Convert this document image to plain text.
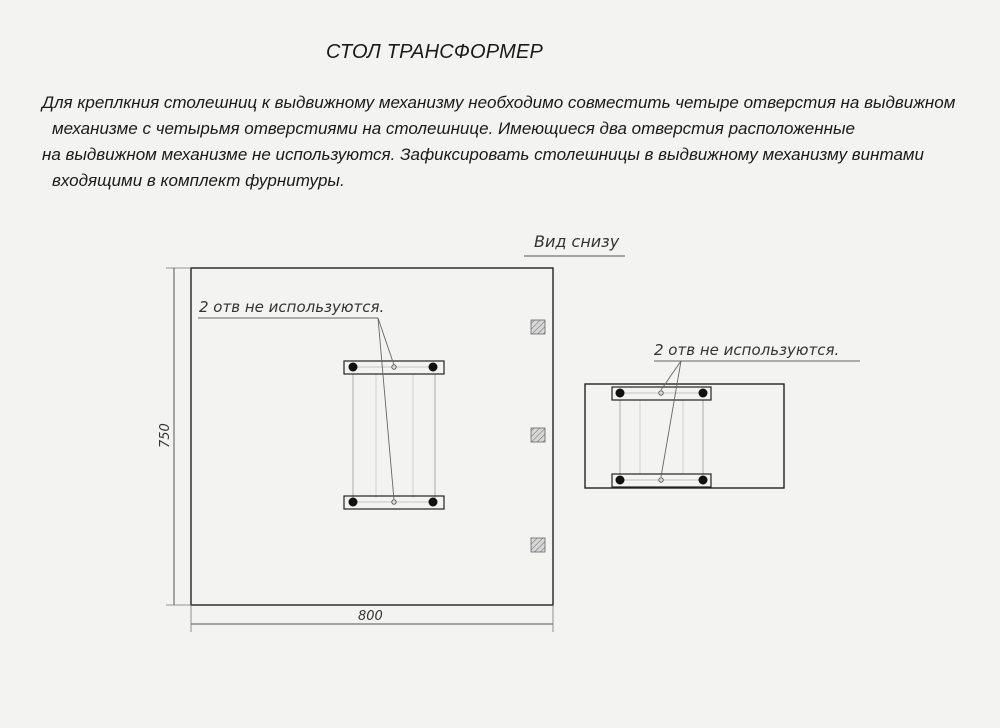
СТОЛ ТРАНСФОРМЕР
Для креплкния столешниц к выдвижному механизму необходимо совместить четыре отверстия на выдвижном
механизме с четырьмя отверстиями на столешнице. Имеющиеся два отверстия расположенные
на выдвижном механизме не используются. Зафиксировать столешницы в выдвижному механизму винтами
входящими в комплект фурнитуры.
Вид снизу
750
800
2 отв не используются.
2 отв не используются.
